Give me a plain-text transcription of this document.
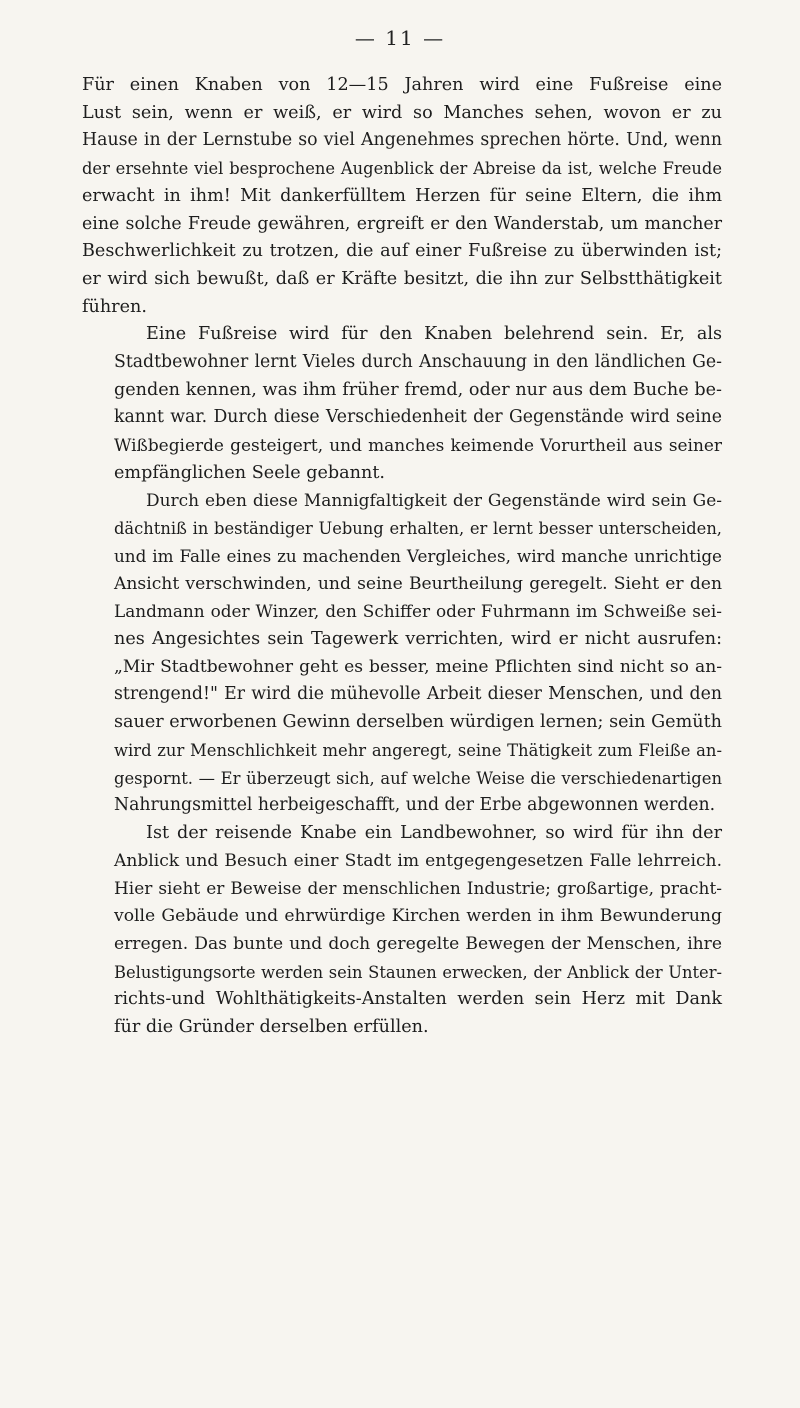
— 11 —
Für einen Knaben von 12—15 Jahren wird eine Fußreise eine
Lust sein, wenn er weiß, er wird so Manches sehen, wovon er zu
Hause in der Lernstube so viel Angenehmes sprechen hörte. Und, wenn
der ersehnte viel besprochene Augenblick der Abreise da ist, welche Freude
erwacht in ihm! Mit dankerfülltem Herzen für seine Eltern, die ihm
eine solche Freude gewähren, ergreift er den Wanderstab, um mancher
Beschwerlichkeit zu trotzen, die auf einer Fußreise zu überwinden ist;
er wird sich bewußt, daß er Kräfte besitzt, die ihn zur Selbstthätigkeit
führen.
Eine Fußreise wird für den Knaben belehrend sein. Er, als
Stadtbewohner lernt Vieles durch Anschauung in den ländlichen Ge-
genden kennen, was ihm früher fremd, oder nur aus dem Buche be-
kannt war. Durch diese Verschiedenheit der Gegenstände wird seine
Wißbegierde gesteigert, und manches keimende Vorurtheil aus seiner
empfänglichen Seele gebannt.
Durch eben diese Mannigfaltigkeit der Gegenstände wird sein Ge-
dächtniß in beständiger Uebung erhalten, er lernt besser unterscheiden,
und im Falle eines zu machenden Vergleiches, wird manche unrichtige
Ansicht verschwinden, und seine Beurtheilung geregelt. Sieht er den
Landmann oder Winzer, den Schiffer oder Fuhrmann im Schweiße sei-
nes Angesichtes sein Tagewerk verrichten, wird er nicht ausrufen:
„Mir Stadtbewohner geht es besser, meine Pflichten sind nicht so an-
strengend!" Er wird die mühevolle Arbeit dieser Menschen, und den
sauer erworbenen Gewinn derselben würdigen lernen; sein Gemüth
wird zur Menschlichkeit mehr angeregt, seine Thätigkeit zum Fleiße an-
gespornt. — Er überzeugt sich, auf welche Weise die verschiedenartigen
Nahrungsmittel herbeigeschafft, und der Erbe abgewonnen werden.
Ist der reisende Knabe ein Landbewohner, so wird für ihn der
Anblick und Besuch einer Stadt im entgegengesetzen Falle lehrreich.
Hier sieht er Beweise der menschlichen Industrie; großartige, pracht-
volle Gebäude und ehrwürdige Kirchen werden in ihm Bewunderung
erregen. Das bunte und doch geregelte Bewegen der Menschen, ihre
Belustigungsorte werden sein Staunen erwecken, der Anblick der Unter-
richts-und Wohlthätigkeits-Anstalten werden sein Herz mit Dank
für die Gründer derselben erfüllen.
